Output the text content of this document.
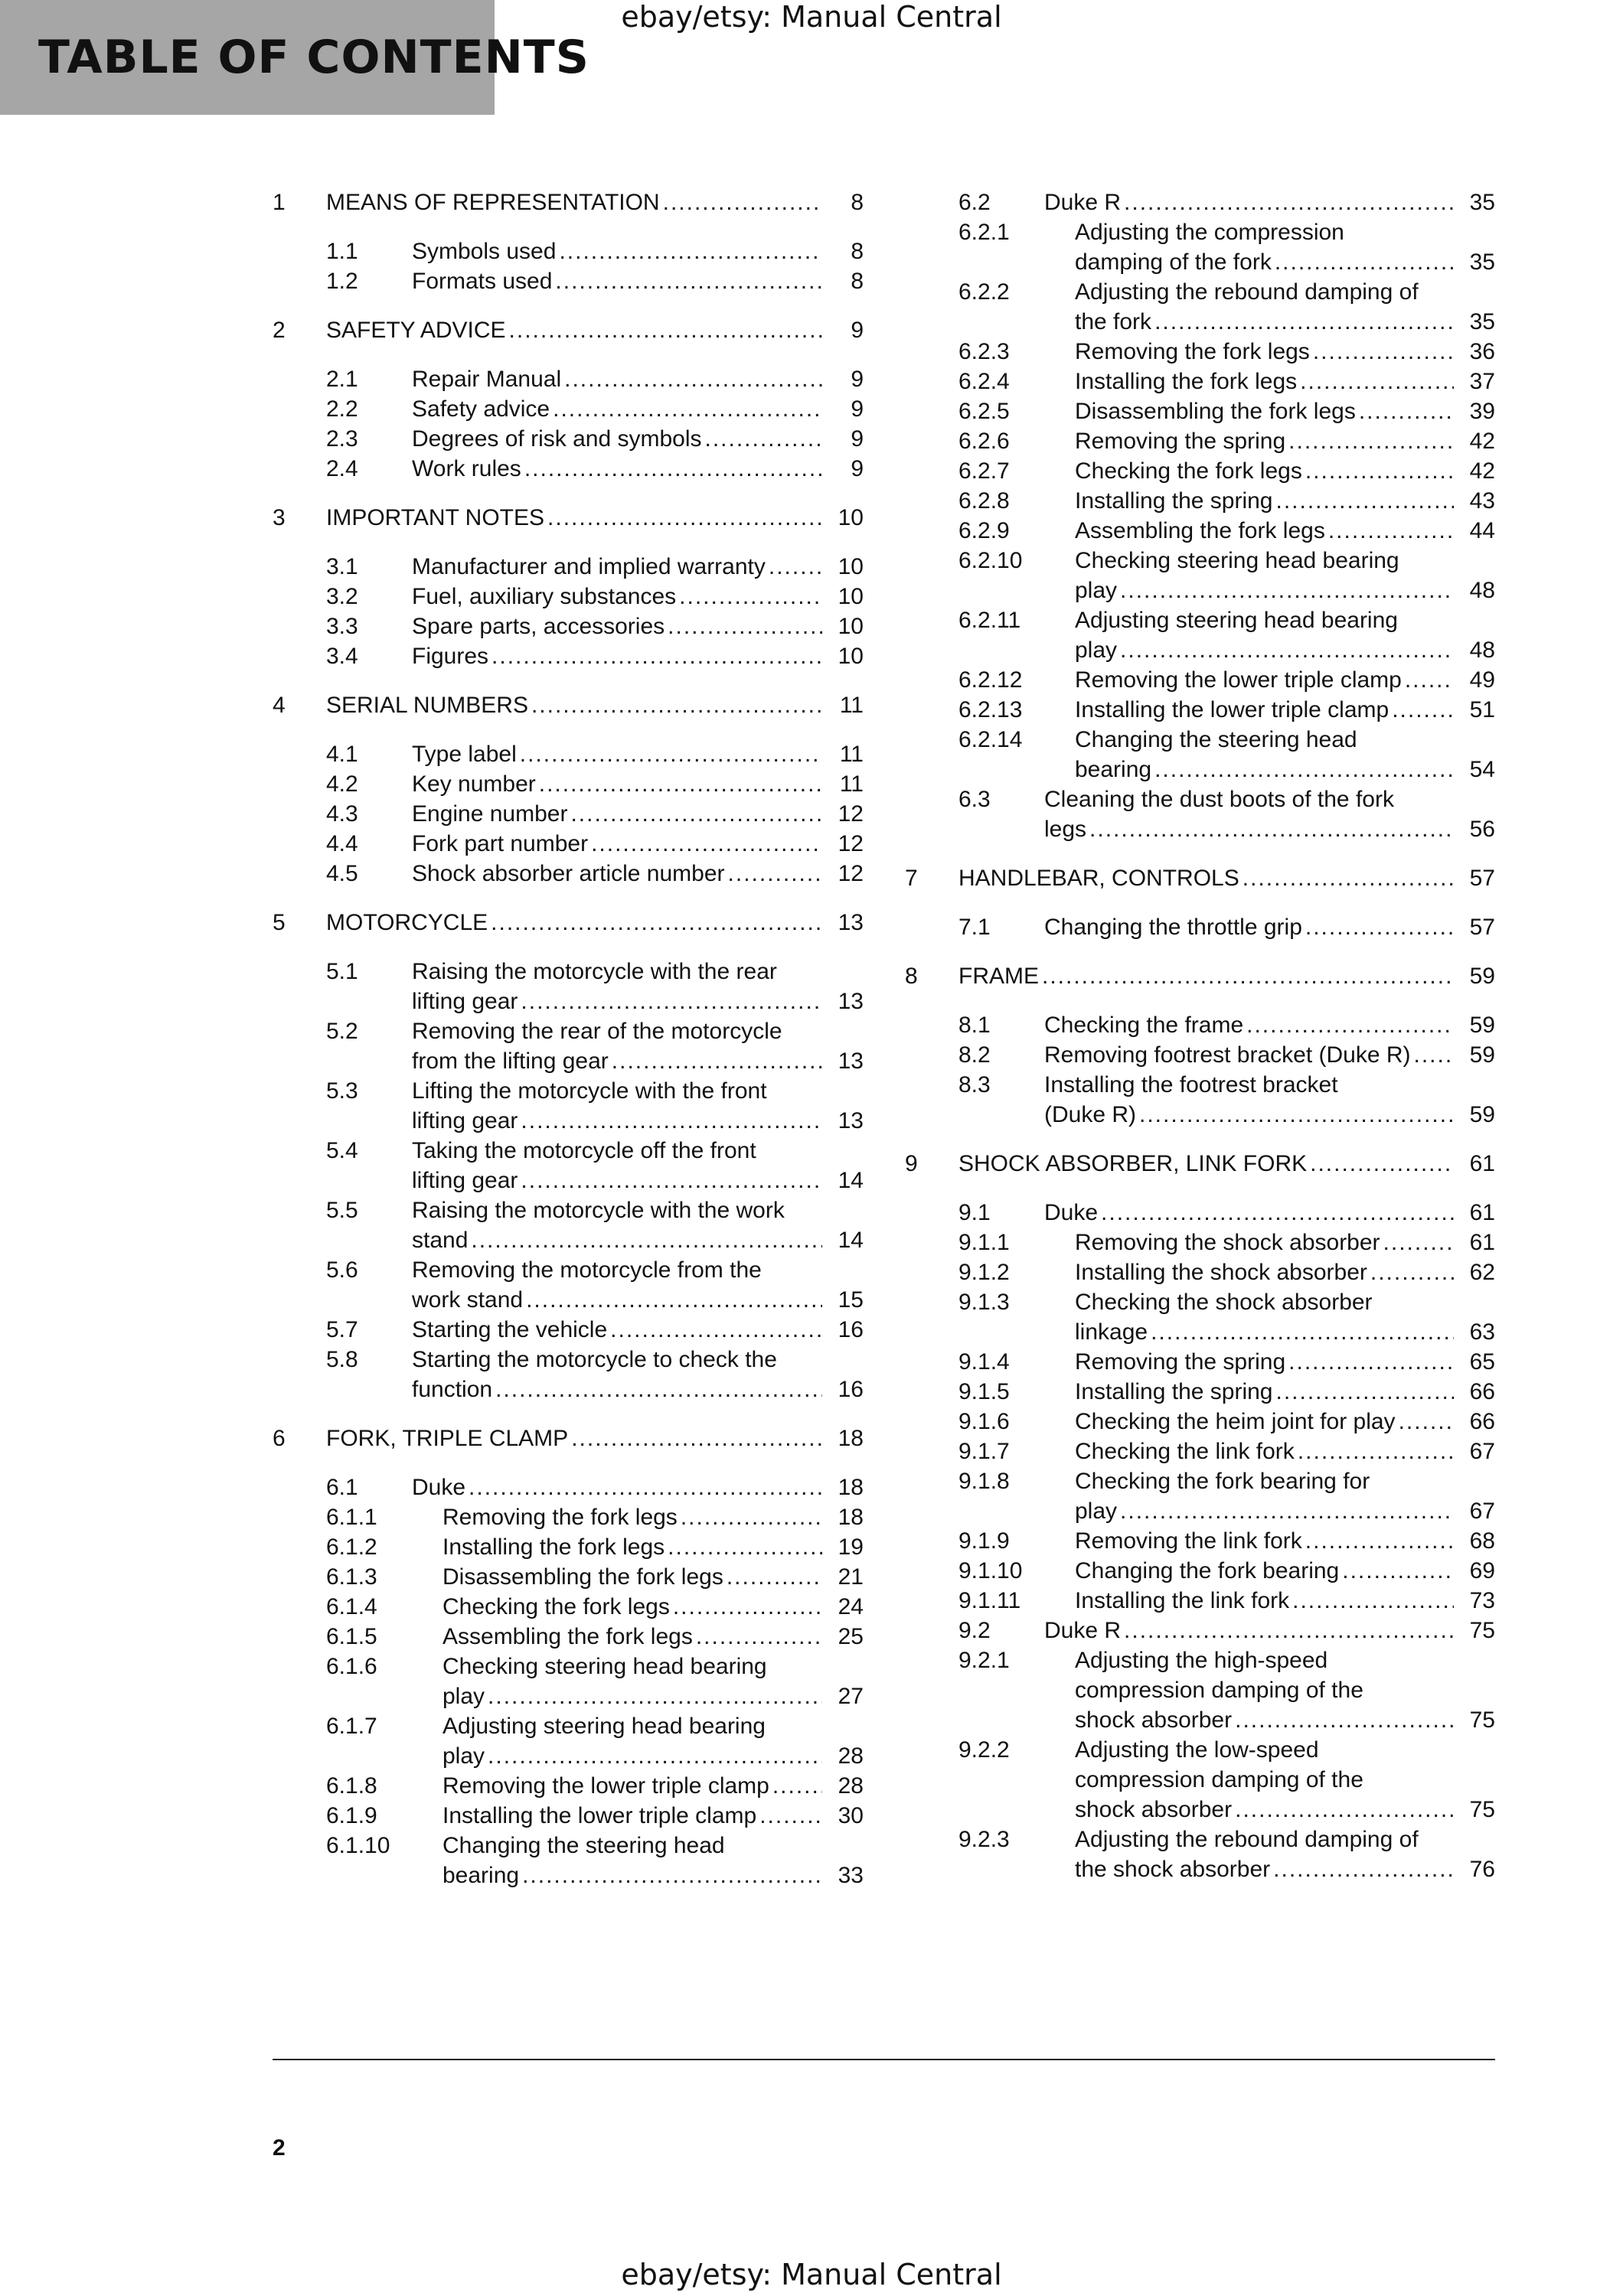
ebay/etsy: Manual Central
TABLE OF CONTENTS
1 MEANS OF REPRESENTATION .....	8
1.1 Symbols used .....	8
1.2 Formats used .....	8
2 SAFETY ADVICE .....	9
2.1 Repair Manual .....	9
2.2 Safety advice .....	9
2.3 Degrees of risk and symbols .....	9
2.4 Work rules .....	9
3 IMPORTANT NOTES .....	10
3.1 Manufacturer and implied warranty .....	10
3.2 Fuel, auxiliary substances .....	10
3.3 Spare parts, accessories .....	10
3.4 Figures .....	10
4 SERIAL NUMBERS .....	11
4.1 Type label .....	11
4.2 Key number .....	11
4.3 Engine number .....	12
4.4 Fork part number .....	12
4.5 Shock absorber article number .....	12
5 MOTORCYCLE .....	13
5.1 Raising the motorcycle with the rear
lifting gear .....	13
5.2 Removing the rear of the motorcycle
from the lifting gear .....	13
5.3 Lifting the motorcycle with the front
lifting gear .....	13
5.4 Taking the motorcycle off the front
lifting gear .....	14
5.5 Raising the motorcycle with the work
stand .....	14
5.6 Removing the motorcycle from the
work stand .....	15
5.7 Starting the vehicle .....	16
5.8 Starting the motorcycle to check the
function .....	16
6 FORK, TRIPLE CLAMP .....	18
6.1 Duke .....	18
6.1.1	Removing the fork legs .....	18
6.1.2	Installing the fork legs .....	19
6.1.3	Disassembling the fork legs .....	21
6.1.4	Checking the fork legs .....	24
6.1.5	Assembling the fork legs .....	25
6.1.6	Checking steering head bearing
play .....	27
6.1.7	Adjusting steering head bearing
play .....	28
6.1.8	Removing the lower triple clamp .....	28
6.1.9	Installing the lower triple clamp .....	30
6.1.10 Changing the steering head
bearing .....	33
6.2 Duke R .....	35
6.2.1	Adjusting the compression
damping of the fork .....	35
6.2.2	Adjusting the rebound damping of
the fork .....	35
6.2.3	Removing the fork legs .....	36
6.2.4	Installing the fork legs .....	37
6.2.5	Disassembling the fork legs .....	39
6.2.6	Removing the spring .....	42
6.2.7	Checking the fork legs .....	42
6.2.8	Installing the spring .....	43
6.2.9	Assembling the fork legs .....	44
6.2.10 Checking steering head bearing
play .....	48
6.2.11 Adjusting steering head bearing
play .....	48
6.2.12 Removing the lower triple clamp .....	49
6.2.13 Installing the lower triple clamp .....	51
6.2.14 Changing the steering head
bearing .....	54
6.3 Cleaning the dust boots of the fork
legs .....	56
7 HANDLEBAR, CONTROLS .....	57
7.1 Changing the throttle grip .....	57
8 FRAME .....	59
8.1 Checking the frame .....	59
8.2 Removing footrest bracket (Duke R) .....	59
8.3 Installing the footrest bracket
(Duke R) .....	59
9 SHOCK ABSORBER, LINK FORK .....	61
9.1 Duke .....	61
9.1.1	Removing the shock absorber .....	61
9.1.2	Installing the shock absorber .....	62
9.1.3	Checking the shock absorber
linkage .....	63
9.1.4	Removing the spring .....	65
9.1.5	Installing the spring .....	66
9.1.6	Checking the heim joint for play .....	66
9.1.7	Checking the link fork .....	67
9.1.8	Checking the fork bearing for
play .....	67
9.1.9	Removing the link fork .....	68
9.1.10 Changing the fork bearing .....	69
9.1.11 Installing the link fork .....	73
9.2 Duke R .....	75
9.2.1	Adjusting the high-speed
compression damping of the
shock absorber .....	75
9.2.2	Adjusting the low-speed
compression damping of the
shock absorber .....	75
9.2.3	Adjusting the rebound damping of
the shock absorber .....	76
2
ebay/etsy: Manual Central
